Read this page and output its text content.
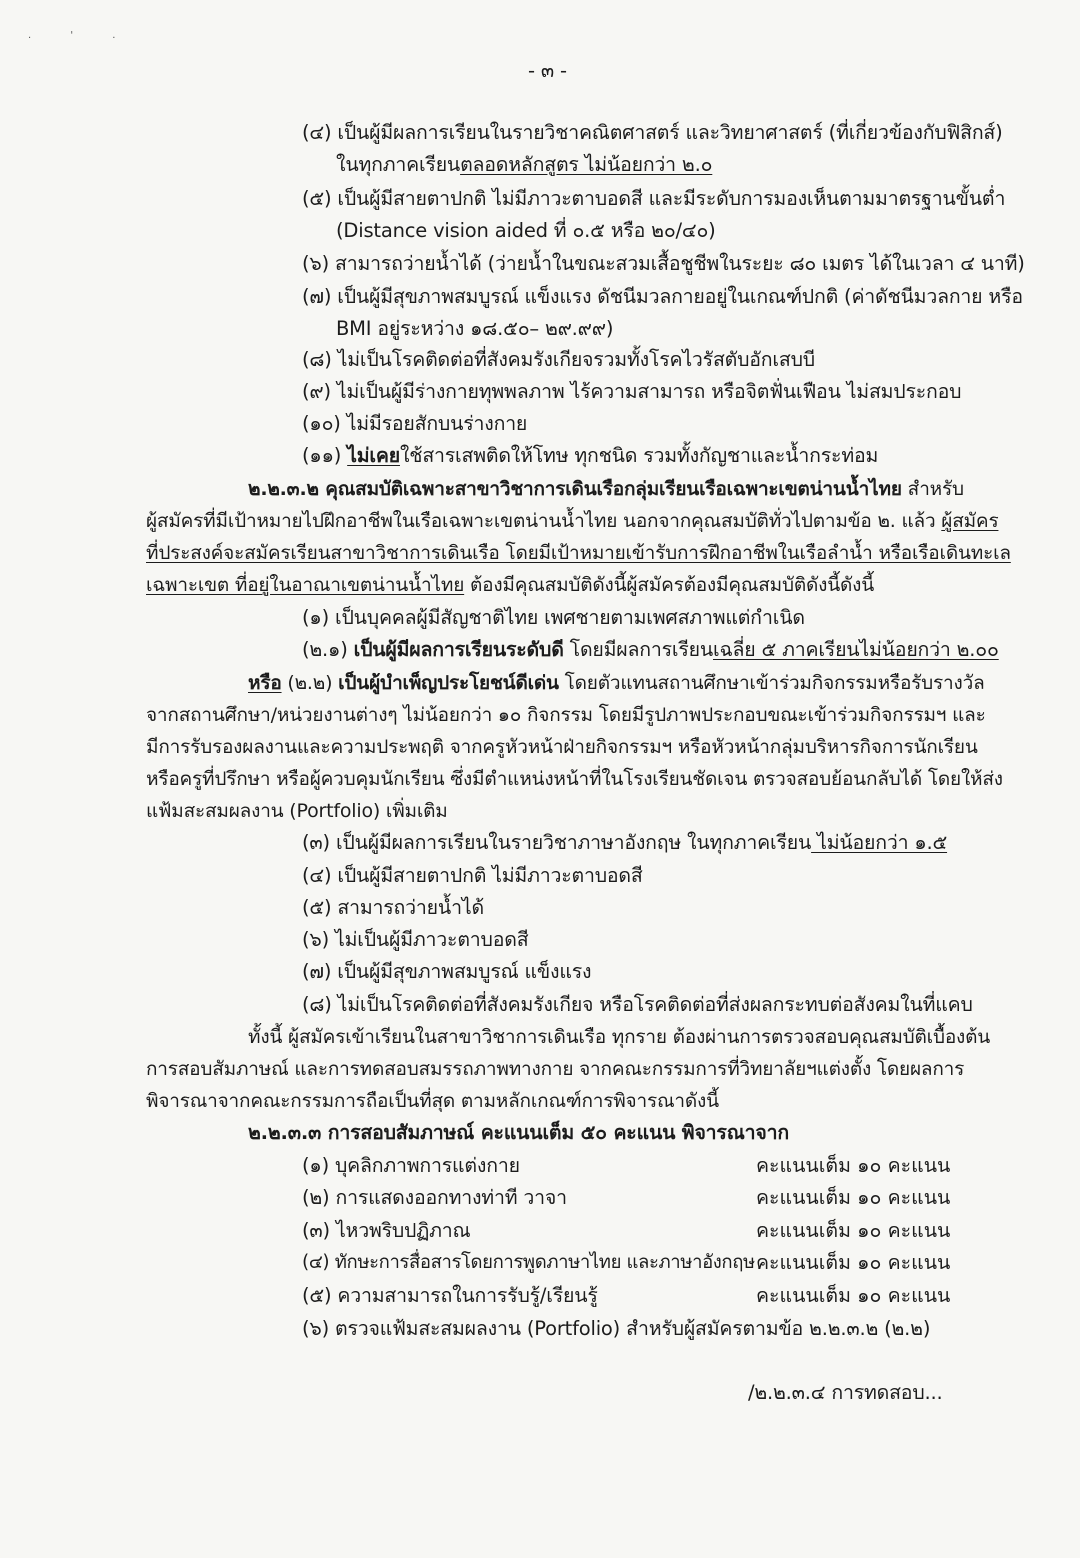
. ' .
- ๓ -
(๔) เป็นผู้มีผลการเรียนในรายวิชาคณิตศาสตร์ และวิทยาศาสตร์ (ที่เกี่ยวข้องกับฟิสิกส์)
ในทุกภาคเรียนตลอดหลักสูตร ไม่น้อยกว่า ๒.๐
(๕) เป็นผู้มีสายตาปกติ ไม่มีภาวะตาบอดสี และมีระดับการมองเห็นตามมาตรฐานขั้นต่ำ
(Distance vision aided ที่ ๐.๕ หรือ ๒๐/๔๐)
(๖) สามารถว่ายน้ำได้ (ว่ายน้ำในขณะสวมเสื้อชูชีพในระยะ ๘๐ เมตร ได้ในเวลา ๔ นาที)
(๗) เป็นผู้มีสุขภาพสมบูรณ์ แข็งแรง ดัชนีมวลกายอยู่ในเกณฑ์ปกติ (ค่าดัชนีมวลกาย หรือ
BMI อยู่ระหว่าง ๑๘.๕๐– ๒๙.๙๙)
(๘) ไม่เป็นโรคติดต่อที่สังคมรังเกียจรวมทั้งโรคไวรัสตับอักเสบบี
(๙) ไม่เป็นผู้มีร่างกายทุพพลภาพ ไร้ความสามารถ หรือจิตฟั่นเฟือน ไม่สมประกอบ
(๑๐) ไม่มีรอยสักบนร่างกาย
(๑๑) ไม่เคยใช้สารเสพติดให้โทษ ทุกชนิด รวมทั้งกัญชาและน้ำกระท่อม
๒.๒.๓.๒ คุณสมบัติเฉพาะสาขาวิชาการเดินเรือกลุ่มเรียนเรือเฉพาะเขตน่านน้ำไทย สำหรับ
ผู้สมัครที่มีเป้าหมายไปฝึกอาชีพในเรือเฉพาะเขตน่านน้ำไทย นอกจากคุณสมบัติทั่วไปตามข้อ ๒. แล้ว ผู้สมัคร
ที่ประสงค์จะสมัครเรียนสาขาวิชาการเดินเรือ โดยมีเป้าหมายเข้ารับการฝึกอาชีพในเรือลำน้ำ หรือเรือเดินทะเล
เฉพาะเขต ที่อยู่ในอาณาเขตน่านน้ำไทย ต้องมีคุณสมบัติดังนี้ผู้สมัครต้องมีคุณสมบัติดังนี้ดังนี้
(๑) เป็นบุคคลผู้มีสัญชาติไทย เพศชายตามเพศสภาพแต่กำเนิด
(๒.๑) เป็นผู้มีผลการเรียนระดับดี โดยมีผลการเรียนเฉลี่ย ๕ ภาคเรียนไม่น้อยกว่า ๒.๐๐
หรือ (๒.๒) เป็นผู้บำเพ็ญประโยชน์ดีเด่น โดยตัวแทนสถานศึกษาเข้าร่วมกิจกรรมหรือรับรางวัล
จากสถานศึกษา/หน่วยงานต่างๆ ไม่น้อยกว่า ๑๐ กิจกรรม โดยมีรูปภาพประกอบขณะเข้าร่วมกิจกรรมฯ และ
มีการรับรองผลงานและความประพฤติ จากครูหัวหน้าฝ่ายกิจกรรมฯ หรือหัวหน้ากลุ่มบริหารกิจการนักเรียน
หรือครูที่ปรึกษา หรือผู้ควบคุมนักเรียน ซึ่งมีตำแหน่งหน้าที่ในโรงเรียนชัดเจน ตรวจสอบย้อนกลับได้ โดยให้ส่ง
แฟ้มสะสมผลงาน (Portfolio) เพิ่มเติม
(๓) เป็นผู้มีผลการเรียนในรายวิชาภาษาอังกฤษ ในทุกภาคเรียน ไม่น้อยกว่า ๑.๕
(๔) เป็นผู้มีสายตาปกติ ไม่มีภาวะตาบอดสี
(๕) สามารถว่ายน้ำได้
(๖) ไม่เป็นผู้มีภาวะตาบอดสี
(๗) เป็นผู้มีสุขภาพสมบูรณ์ แข็งแรง
(๘) ไม่เป็นโรคติดต่อที่สังคมรังเกียจ หรือโรคติดต่อที่ส่งผลกระทบต่อสังคมในที่แคบ
ทั้งนี้ ผู้สมัครเข้าเรียนในสาขาวิชาการเดินเรือ ทุกราย ต้องผ่านการตรวจสอบคุณสมบัติเบื้องต้น
การสอบสัมภาษณ์ และการทดสอบสมรรถภาพทางกาย จากคณะกรรมการที่วิทยาลัยฯแต่งตั้ง โดยผลการ
พิจารณาจากคณะกรรมการถือเป็นที่สุด ตามหลักเกณฑ์การพิจารณาดังนี้
๒.๒.๓.๓ การสอบสัมภาษณ์ คะแนนเต็ม ๕๐ คะแนน พิจารณาจาก
(๑) บุคลิกภาพการแต่งกาย	คะแนนเต็ม ๑๐ คะแนน
(๒) การแสดงออกทางท่าที วาจา	คะแนนเต็ม ๑๐ คะแนน
(๓) ไหวพริบปฏิภาณ	คะแนนเต็ม ๑๐ คะแนน
(๔) ทักษะการสื่อสารโดยการพูดภาษาไทย และภาษาอังกฤษ คะแนนเต็ม ๑๐ คะแนน
(๕) ความสามารถในการรับรู้/เรียนรู้	คะแนนเต็ม ๑๐ คะแนน
(๖) ตรวจแฟ้มสะสมผลงาน (Portfolio) สำหรับผู้สมัครตามข้อ ๒.๒.๓.๒ (๒.๒)
/๒.๒.๓.๔ การทดสอบ...
